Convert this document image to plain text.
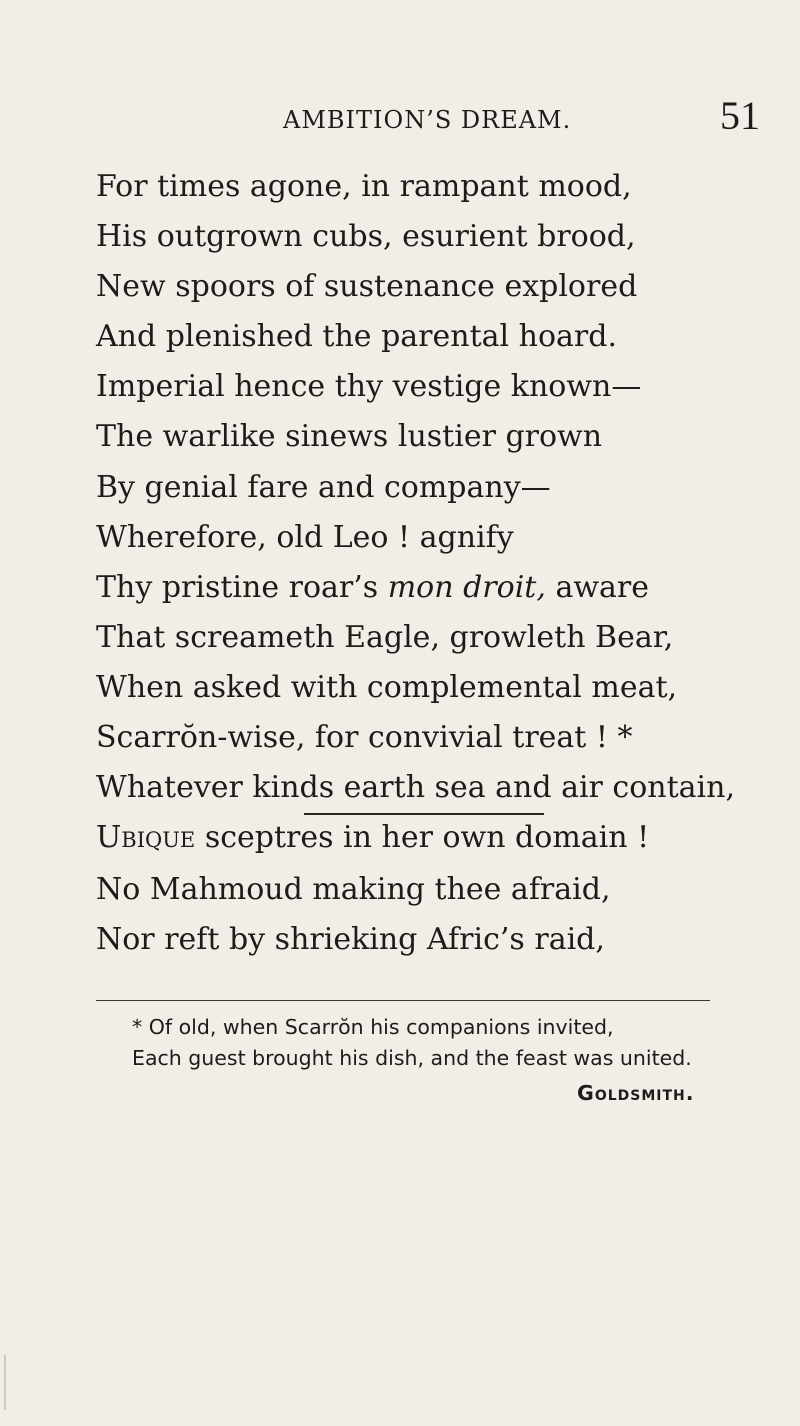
AMBITION’S DREAM.	51
For times agone, in rampant mood,
His outgrown cubs, esurient brood,
New spoors of sustenance explored
And plenished the parental hoard.
Imperial hence thy vestige known—
The warlike sinews lustier grown
By genial fare and company—
Wherefore, old Leo ! agnify
Thy pristine roar’s mon droit, aware
That screameth Eagle, growleth Bear,
When asked with complemental meat,
Scarrŏn-wise, for convivial treat ! *
Whatever kinds earth sea and air contain,
Ubique sceptres in her own domain !
No Mahmoud making thee afraid,
Nor reft by shrieking Afric’s raid,
* Of old, when Scarrŏn his companions invited,
Each guest brought his dish, and the feast was united.
Goldsmith.
